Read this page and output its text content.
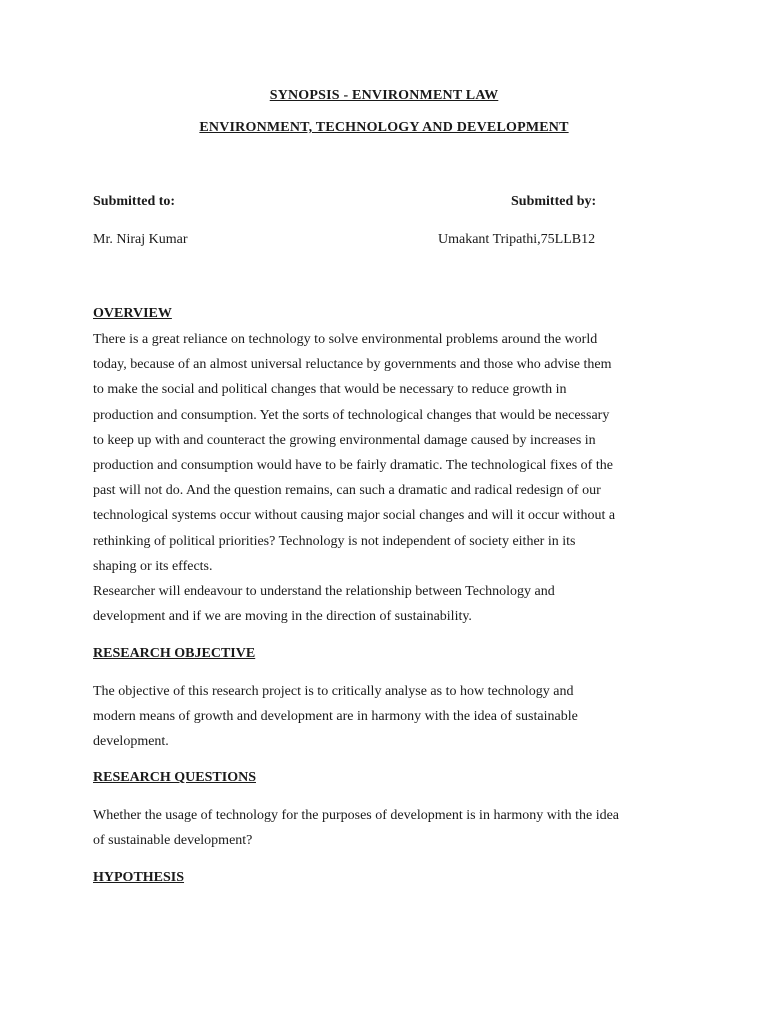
SYNOPSIS - ENVIRONMENT LAW
ENVIRONMENT, TECHNOLOGY AND DEVELOPMENT
Submitted to:	Submitted by:
Mr. Niraj Kumar	Umakant Tripathi,75LLB12
OVERVIEW
There is a great reliance on technology to solve environmental problems around the world
today, because of an almost universal reluctance by governments and those who advise them
to make the social and political changes that would be necessary to reduce growth in
production and consumption. Yet the sorts of technological changes that would be necessary
to keep up with and counteract the growing environmental damage caused by increases in
production and consumption would have to be fairly dramatic. The technological fixes of the
past will not do. And the question remains, can such a dramatic and radical redesign of our
technological systems occur without causing major social changes and will it occur without a
rethinking of political priorities? Technology is not independent of society either in its
shaping or its effects.
Researcher will endeavour to understand the relationship between Technology and
development and if we are moving in the direction of sustainability.
RESEARCH OBJECTIVE
The objective of this research project is to critically analyse as to how technology and
modern means of growth and development are in harmony with the idea of sustainable
development.
RESEARCH QUESTIONS
Whether the usage of technology for the purposes of development is in harmony with the idea
of sustainable development?
HYPOTHESIS
